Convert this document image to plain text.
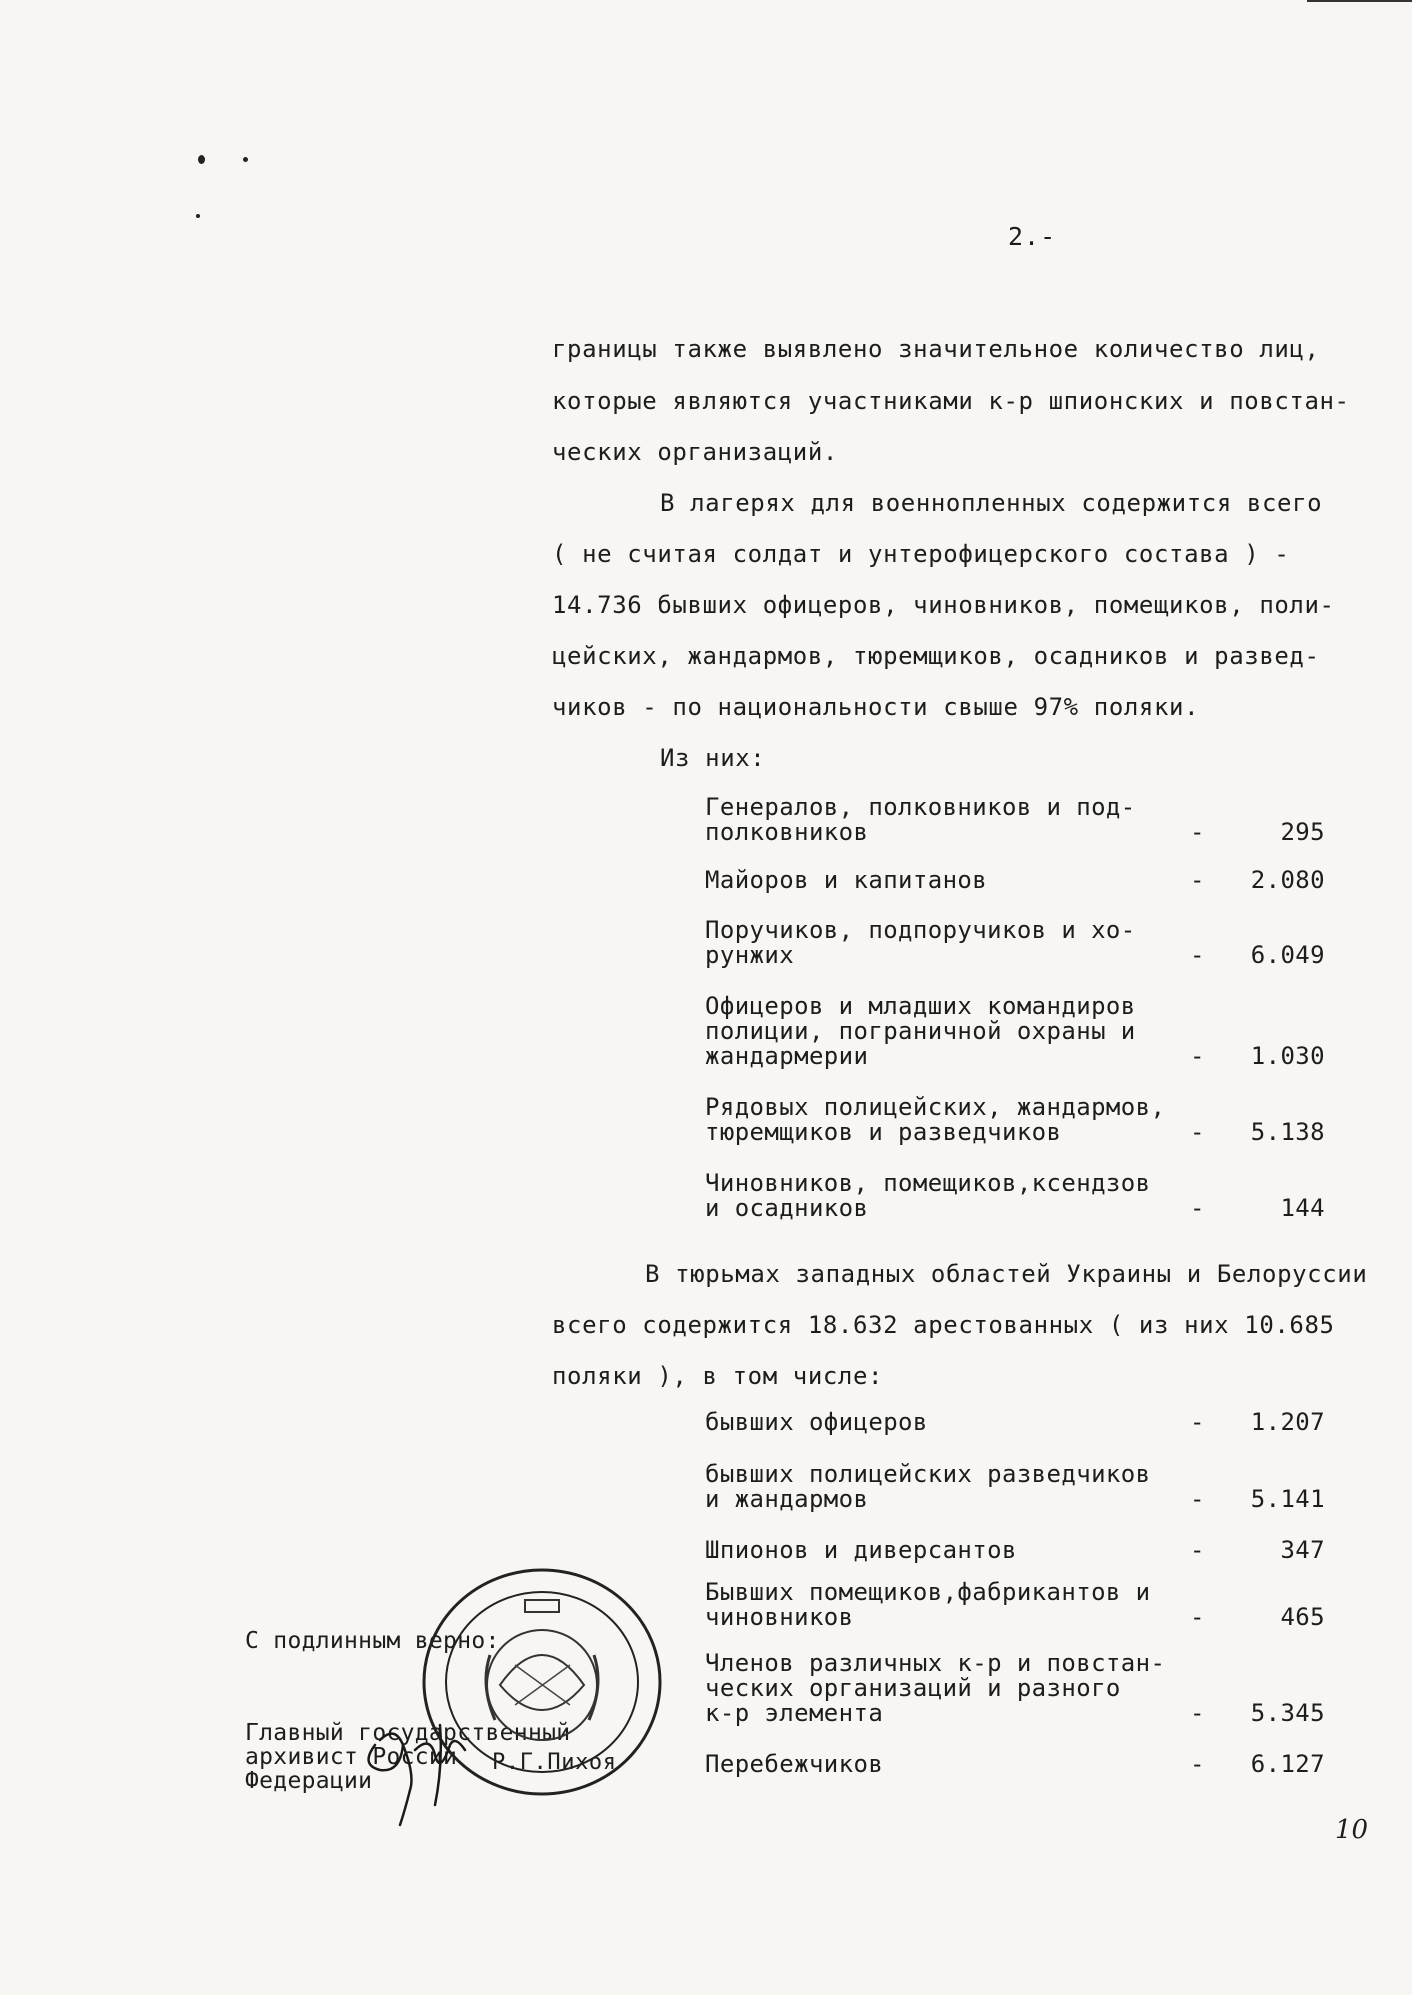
2.-
границы также выявлено значительное количество лиц,
которые являются участниками к-р шпионских и повстан-
ческих организаций.
В лагерях для военнопленных содержится всего
( не считая солдат и унтерофицерского состава ) -
14.736 бывших офицеров, чиновников, помещиков, поли-
цейских, жандармов, тюремщиков, осадников и развед-
чиков - по национальности свыше 97% поляки.
Из них:
Генералов, полковников и под-
полковников	-	295
Майоров и капитанов	- 2.080
Поручиков, подпоручиков и хо-
рунжих	- 6.049
Офицеров и младших командиров
полиции, пограничной охраны и
жандармерии	- 1.030
Рядовых полицейских, жандармов,
тюремщиков и разведчиков	- 5.138
Чиновников, помещиков,ксендзов
и осадников	-	144
В тюрьмах западных областей Украины и Белоруссии
всего содержится 18.632 арестованных ( из них 10.685
поляки ), в том числе:
бывших офицеров	- 1.207
бывших полицейских разведчиков
и жандармов	- 5.141
Шпионов и диверсантов	-	347
Бывших помещиков,фабрикантов и
чиновников	-	465
Членов различных к-р и повстан-
ческих организаций и разного
к-р элемента	- 5.345
Перебежчиков	- 6.127

С подлинным верно:

Главный государственный
архивист России
Федерации

Р.Г.Пихоя
10
